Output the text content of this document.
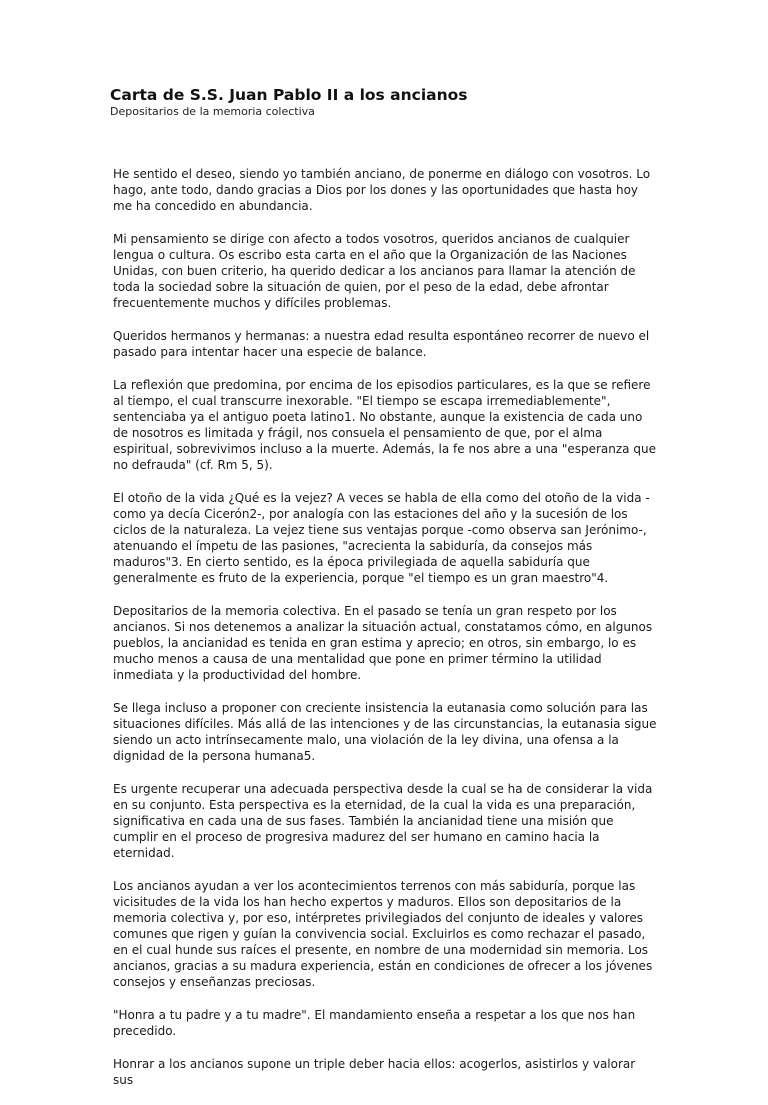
Carta de S.S. Juan Pablo II a los ancianos
Depositarios de la memoria colectiva

He sentido el deseo, siendo yo también anciano, de ponerme en diálogo con vosotros. Lo hago, ante todo, dando gracias a Dios por los dones y las oportunidades que hasta hoy me ha concedido en abundancia.

Mi pensamiento se dirige con afecto a todos vosotros, queridos ancianos de cualquier lengua o cultura. Os escribo esta carta en el año que la Organización de las Naciones Unidas, con buen criterio, ha querido dedicar a los ancianos para llamar la atención de toda la sociedad sobre la situación de quien, por el peso de la edad, debe afrontar frecuentemente muchos y difíciles problemas.

Queridos hermanos y hermanas: a nuestra edad resulta espontáneo recorrer de nuevo el pasado para intentar hacer una especie de balance.

La reflexión que predomina, por encima de los episodios particulares, es la que se refiere al tiempo, el cual transcurre inexorable. "El tiempo se escapa irremediablemente", sentenciaba ya el antiguo poeta latino1. No obstante, aunque la existencia de cada uno de nosotros es limitada y frágil, nos consuela el pensamiento de que, por el alma espiritual, sobrevivimos incluso a la muerte. Además, la fe nos abre a una "esperanza que no defrauda" (cf. Rm 5, 5).

El otoño de la vida ¿Qué es la vejez? A veces se habla de ella como del otoño de la vida -como ya decía Cicerón2-, por analogía con las estaciones del año y la sucesión de los ciclos de la naturaleza. La vejez tiene sus ventajas porque -como observa san Jerónimo-, atenuando el ímpetu de las pasiones, "acrecienta la sabiduría, da consejos más maduros"3. En cierto sentido, es la época privilegiada de aquella sabiduría que generalmente es fruto de la experiencia, porque "el tiempo es un gran maestro"4.

Depositarios de la memoria colectiva. En el pasado se tenía un gran respeto por los ancianos. Si nos detenemos a analizar la situación actual, constatamos cómo, en algunos pueblos, la ancianidad es tenida en gran estima y aprecio; en otros, sin embargo, lo es mucho menos a causa de una mentalidad que pone en primer término la utilidad inmediata y la productividad del hombre.

Se llega incluso a proponer con creciente insistencia la eutanasia como solución para las situaciones difíciles. Más allá de las intenciones y de las circunstancias, la eutanasia sigue siendo un acto intrínsecamente malo, una violación de la ley divina, una ofensa a la dignidad de la persona humana5.

Es urgente recuperar una adecuada perspectiva desde la cual se ha de considerar la vida en su conjunto. Esta perspectiva es la eternidad, de la cual la vida es una preparación, significativa en cada una de sus fases. También la ancianidad tiene una misión que cumplir en el proceso de progresiva madurez del ser humano en camino hacia la eternidad.

Los ancianos ayudan a ver los acontecimientos terrenos con más sabiduría, porque las vicisitudes de la vida los han hecho expertos y maduros. Ellos son depositarios de la memoria colectiva y, por eso, intérpretes privilegiados del conjunto de ideales y valores comunes que rigen y guían la convivencia social. Excluirlos es como rechazar el pasado, en el cual hunde sus raíces el presente, en nombre de una modernidad sin memoria. Los ancianos, gracias a su madura experiencia, están en condiciones de ofrecer a los jóvenes consejos y enseñanzas preciosas.

"Honra a tu padre y a tu madre". El mandamiento enseña a respetar a los que nos han precedido.

Honrar a los ancianos supone un triple deber hacia ellos: acogerlos, asistirlos y valorar sus
